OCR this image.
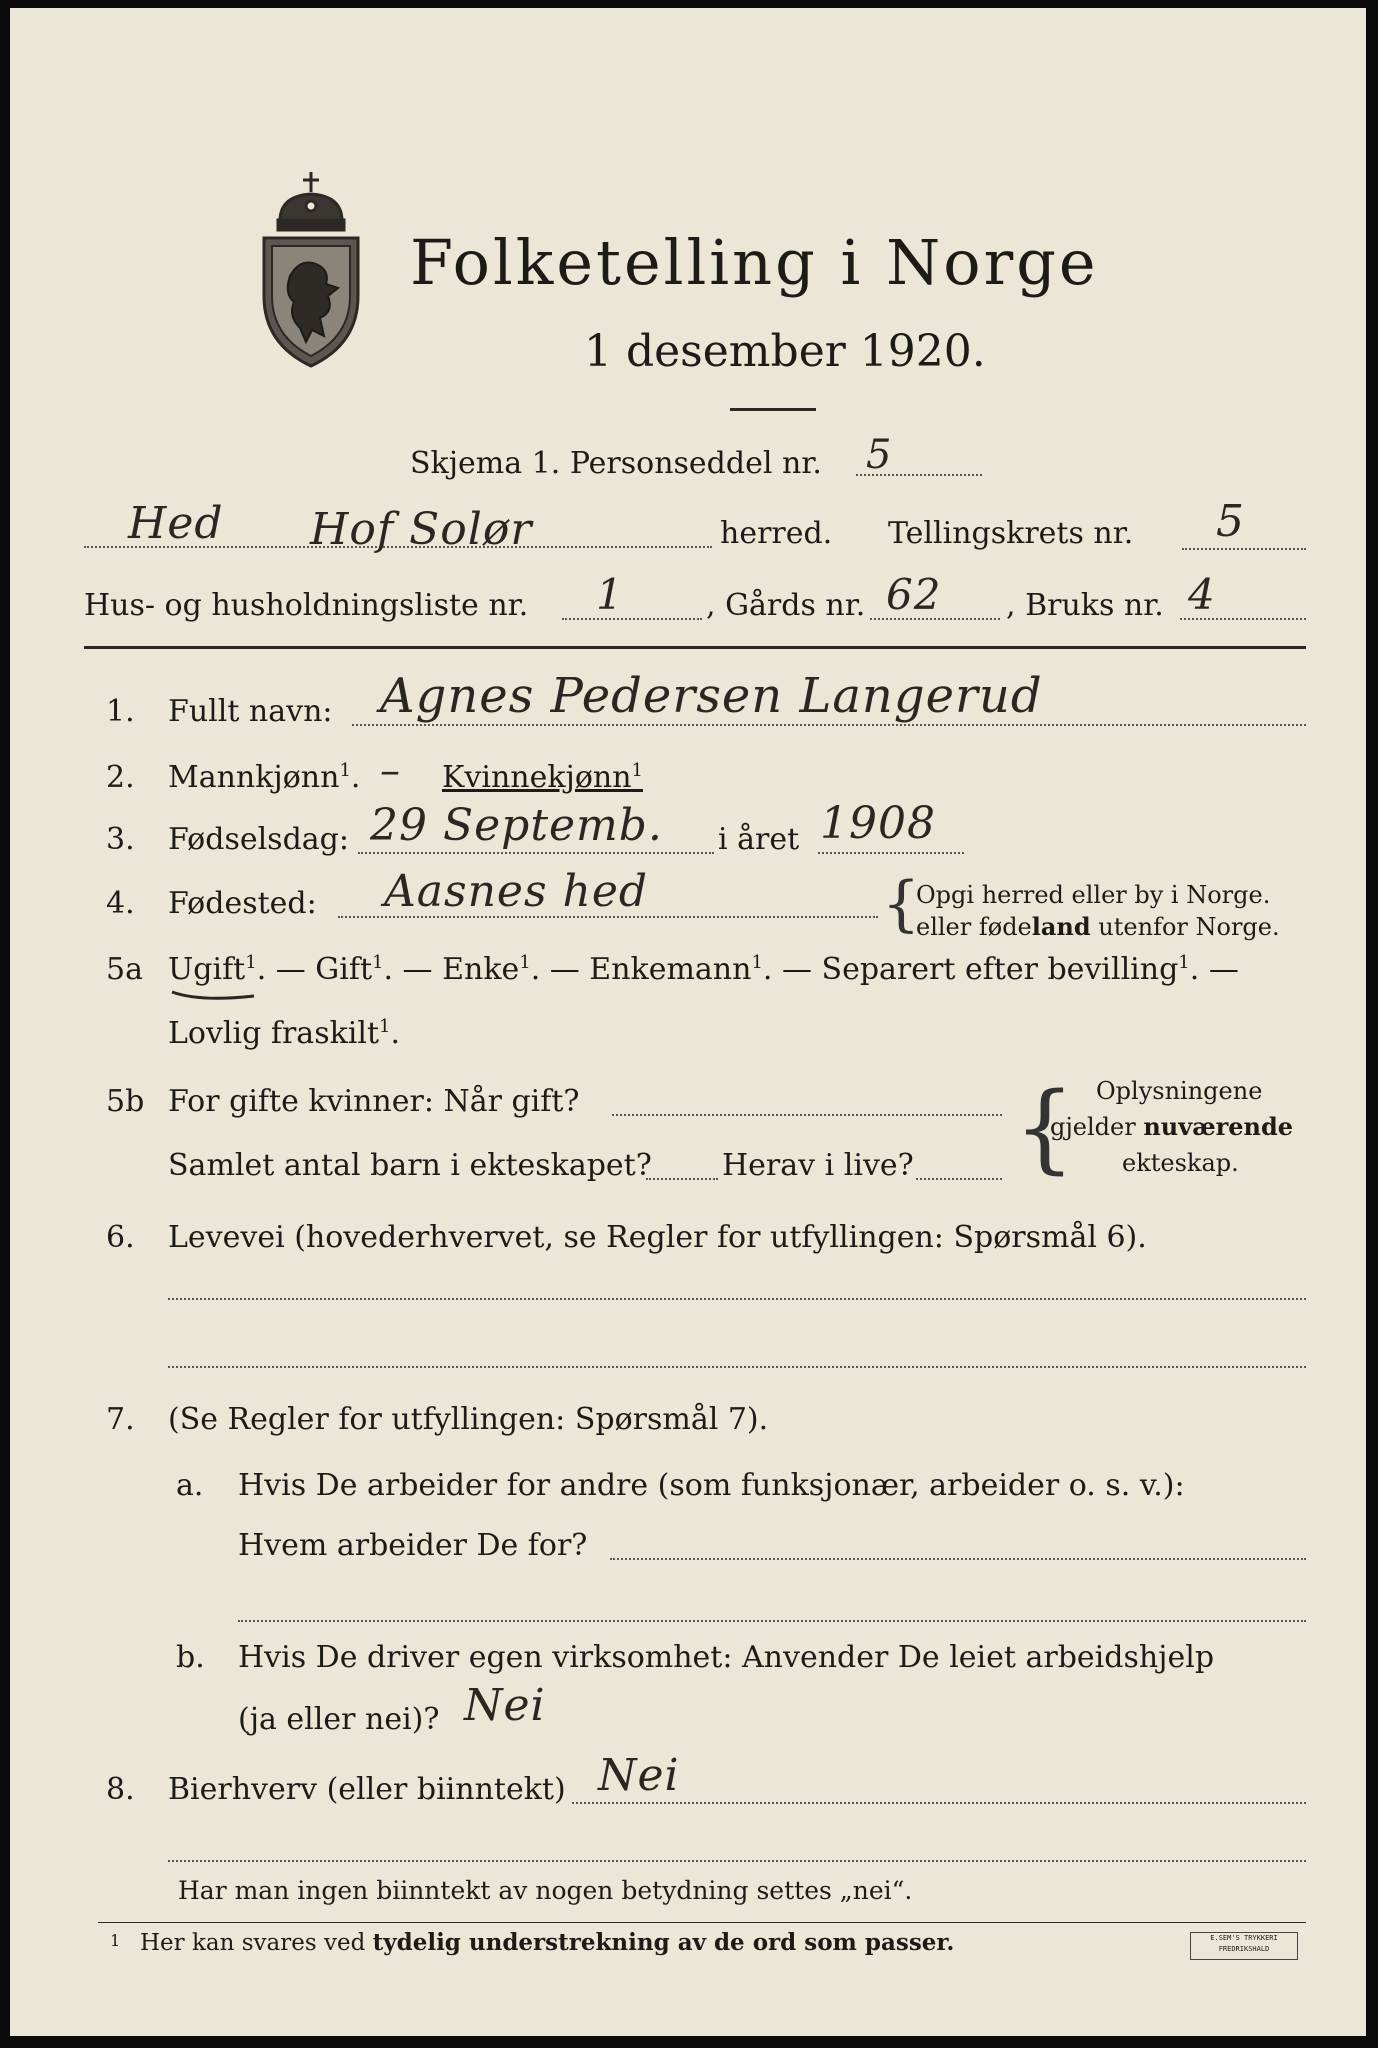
Folketelling i Norge
1 desember 1920.
Skjema 1. Personseddel nr. 5
Hed Hof Solør	herred. Tellingskrets nr. 5
Hus- og husholdningsliste nr. 1	, Gårds nr. 62 , Bruks nr. 4
1. Fullt navn: Agnes Pedersen Langerud
2. Mannkjønn$^1$. – Kvinnekjønn$^1$
3. Fødselsdag: 29 Septemb. i året 1908
4. Fødested: Aasnes hed	{
Opgi herred eller by i Norge.
eller fødeland utenfor Norge.
5a Ugift$^1$. — Gift$^1$. — Enke$^1$. — Enkemann$^1$. — Separert efter bevilling$^1$. —
Lovlig fraskilt$^1$.
5b For gifte kvinner: Når gift?
Samlet antal barn i ekteskapet? Herav i live? { Oplysningene
gjelder nuværende
ekteskap.
6. Levevei (hovederhvervet, se Regler for utfyllingen: Spørsmål 6).
7. (Se Regler for utfyllingen: Spørsmål 7).
a. Hvis De arbeider for andre (som funksjonær, arbeider o. s. v.):
Hvem arbeider De for?
b. Hvis De driver egen virksomhet: Anvender De leiet arbeidshjelp
(ja eller nei)? Nei
8. Bierhverv (eller biinntekt) Nei
Har man ingen biinntekt av nogen betydning settes „nei“.
1 Her kan svares ved tydelig understrekning av de ord som passer.	E.SEM'S TRYKKERI
FREDRIKSHALD
